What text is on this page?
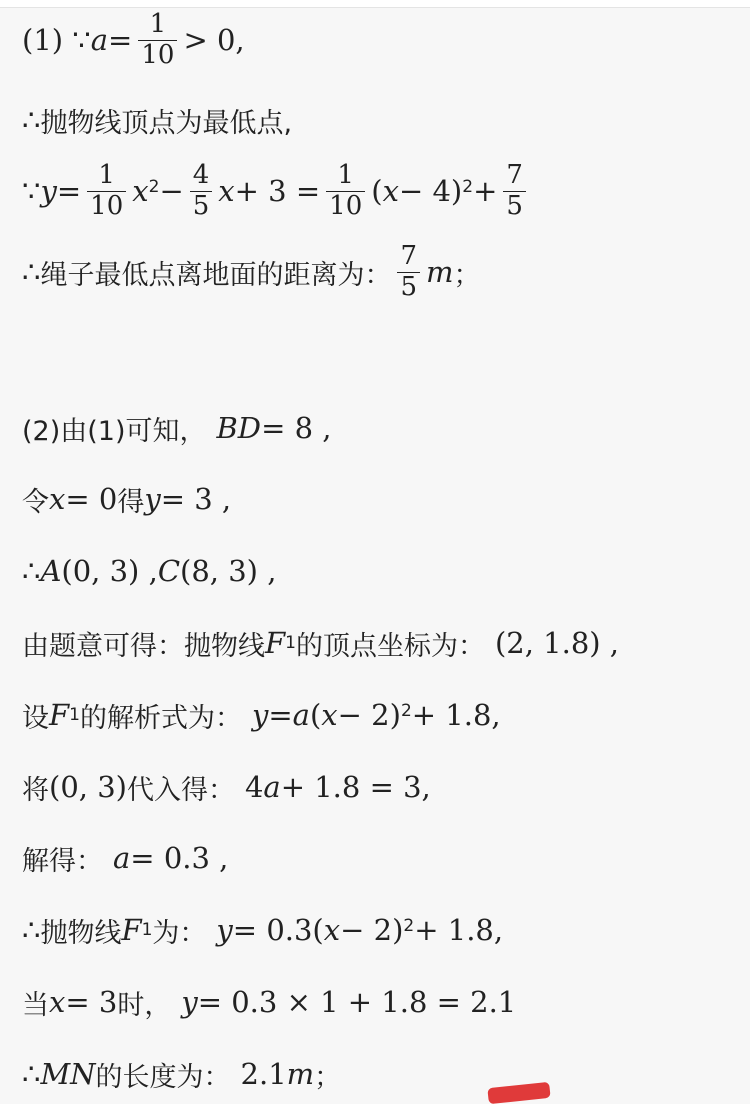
(1) ∵ $a = \frac{1}{10} > 0$,
∴ 抛物线顶点为最低点,
∵ $y = \frac{1}{10} x^2 - \frac{4}{5}$ $x + 3 = \frac{1}{10}$ ( $x - 4)^2 + \frac{7}{5}$
∴ 绳子最低点离地面的距离为： $\frac{7}{5}$ m ；
(2)由(1)可知， BD = 8 ,
令 x = 0 得 y = 3 ,
∴ A (0, 3) , C (8, 3) ,
由题意可得：抛物线 F 1 的顶点坐标为： (2, 1.8) ,
设 F 1 的解析式为： y = a ( x − 2)$^2$ + 1.8,
将 (0, 3) 代入得： 4 a + 1.8 = 3,
解得： a = 0.3 ,
∴ 抛物线 F 1 为： y = 0.3( x − 2)$^2$ + 1.8,
当 x = 3 时， y = 0.3 × 1 + 1.8 = 2.1
∴ MN 的长度为： 2.1 m ；
